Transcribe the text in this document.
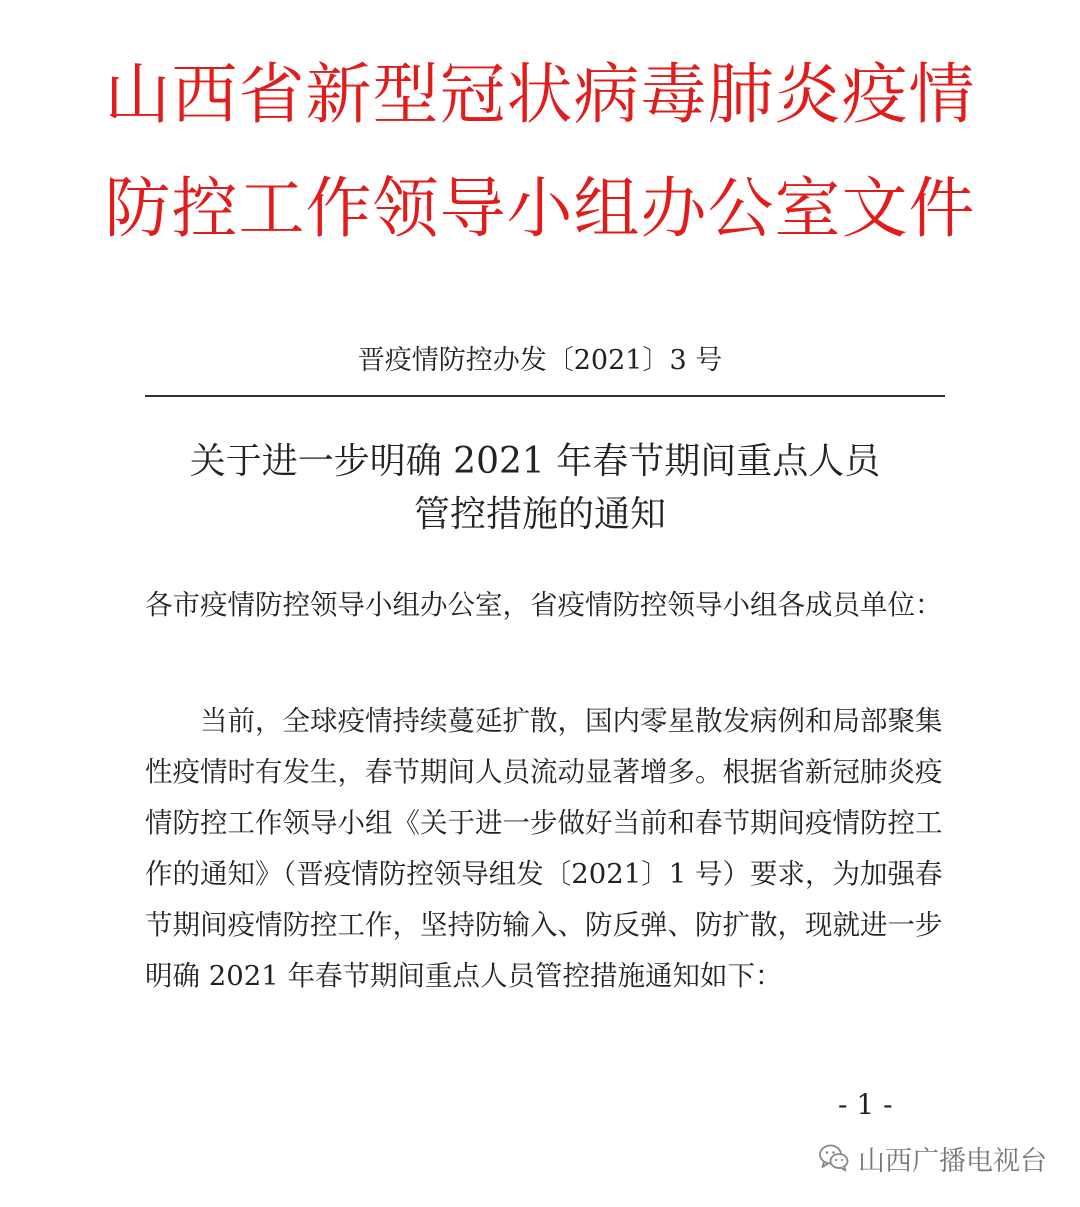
山西省新型冠状病毒肺炎疫情
防控工作领导小组办公室文件
晋疫情防控办发〔2021〕3 号
关于进一步明确 2021 年春节期间重点人员
管控措施的通知

各市疫情防控领导小组办公室，省疫情防控领导小组各成员单位：

当前，全球疫情持续蔓延扩散，国内零星散发病例和局部聚集性疫情时有发生，春节期间人员流动显著增多。根据省新冠肺炎疫情防控工作领导小组《关于进一步做好当前和春节期间疫情防控工作的通知》（晋疫情防控领导组发〔2021〕1 号）要求，为加强春节期间疫情防控工作，坚持防输入、防反弹、防扩散，现就进一步明确 2021 年春节期间重点人员管控措施通知如下：

- 1 -
山西广播电视台
